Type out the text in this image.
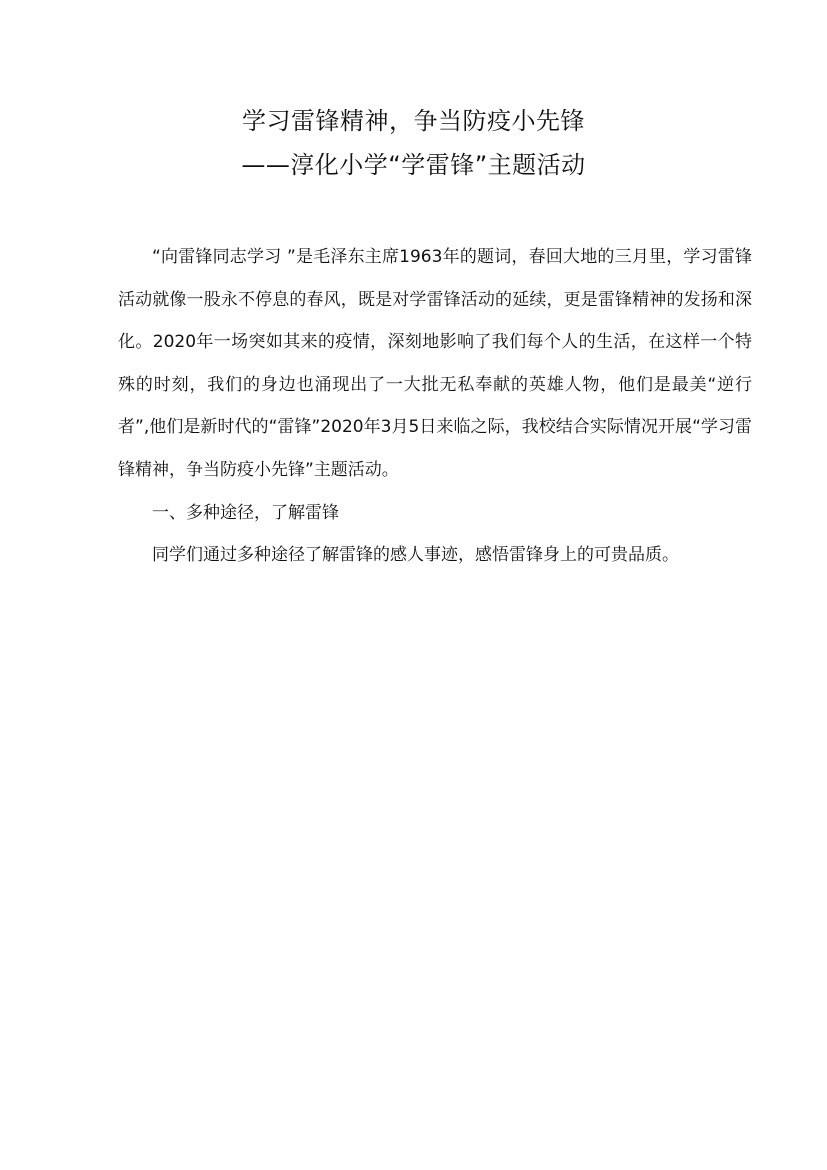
学习雷锋精神，争当防疫小先锋
——淳化小学“学雷锋”主题活动

“向雷锋同志学习 ”是毛泽东主席1963年的题词，春回大地的三月里，学习雷锋活动就像一股永不停息的春风，既是对学雷锋活动的延续，更是雷锋精神的发扬和深化。2020年一场突如其来的疫情，深刻地影响了我们每个人的生活，在这样一个特殊的时刻，我们的身边也涌现出了一大批无私奉献的英雄人物，他们是最美“逆行者”,他们是新时代的“雷锋”2020年3月5日来临之际，我校结合实际情况开展“学习雷锋精神，争当防疫小先锋”主题活动。

一、多种途径，了解雷锋

同学们通过多种途径了解雷锋的感人事迹，感悟雷锋身上的可贵品质。
